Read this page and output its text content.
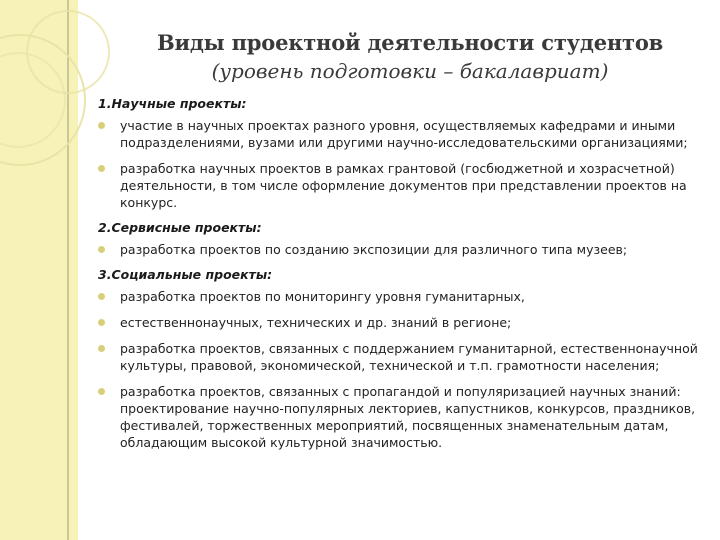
Виды проектной деятельности студентов
(уровень подготовки – бакалавриат)
1.Научные проекты:
участие в научных проектах разного уровня, осуществляемых кафедрами и иными подразделениями, вузами или другими научно-исследовательскими организациями;
разработка научных проектов в рамках грантовой (госбюджетной и хозрасчетной) деятельности, в том числе оформление документов при представлении проектов на конкурс.
2.Сервисные проекты:
разработка проектов по созданию экспозиции для различного типа музеев;
3.Социальные проекты:
разработка проектов по мониторингу уровня гуманитарных,
естественнонаучных, технических и др. знаний в регионе;
разработка проектов, связанных с поддержанием гуманитарной, естественнонаучной культуры, правовой, экономической, технической и т.п. грамотности населения;
разработка проектов, связанных с пропагандой и популяризацией научных знаний: проектирование научно-популярных лекториев, капустников, конкурсов, праздников, фестивалей, торжественных мероприятий, посвященных знаменательным датам, обладающим высокой культурной значимостью.
